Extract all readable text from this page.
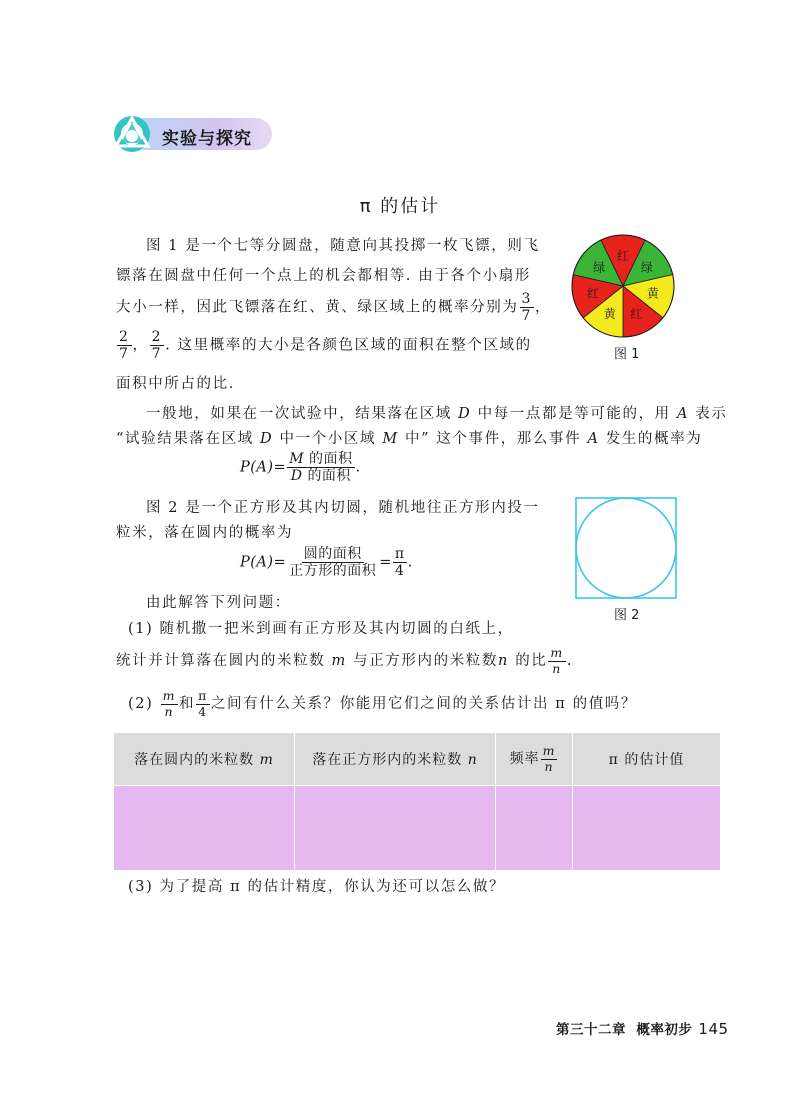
实验与探究
π 的估计
图 1 是一个七等分圆盘，随意向其投掷一枚飞镖，则飞
镖落在圆盘中任何一个点上的机会都相等. 由于各个小扇形
大小一样，因此飞镖落在红、黄、绿区域上的概率分别为 $\frac{3}{7}$ ，
$\frac{2}{7}$ ， $\frac{2}{7}$ . 这里概率的大小是各颜色区域的面积在整个区域的
面积中所占的比.
红
绿
黄
红
黄
红
绿
图 1
一般地，如果在一次试验中，结果落在区域 D 中每一点都是等可能的，用 A 表示
“试验结果落在区域 D 中一个小区域 M 中” 这个事件，那么事件 A 发生的概率为
$P(A)= \frac{\text{M 的面积}}{\text{D 的面积}}$ .
图 2 是一个正方形及其内切圆，随机地往正方形内投一
粒米，落在圆内的概率为
$P(A)= \frac{\text{圆的面积}}{\text{正方形的面积}} = \frac{\pi}{4}$ .
图 2
由此解答下列问题：
(1) 随机撒一把米到画有正方形及其内切圆的白纸上，
统计并计算落在圆内的米粒数 m 与正方形内的米粒数n 的比 $\frac{m}{n}$ .
$(2) \frac{m}{n}$ 和 $\frac{\pi}{4}$ 之间有什么关系？你能用它们之间的关系估计出 π 的值吗？
落在圆内的米粒数 m	落在正方形内的米粒数 n	频率 $\frac{m}{n}$	π 的估计值

(3) 为了提高 π 的估计精度，你认为还可以怎么做？
第三十二章 概率初步 145
